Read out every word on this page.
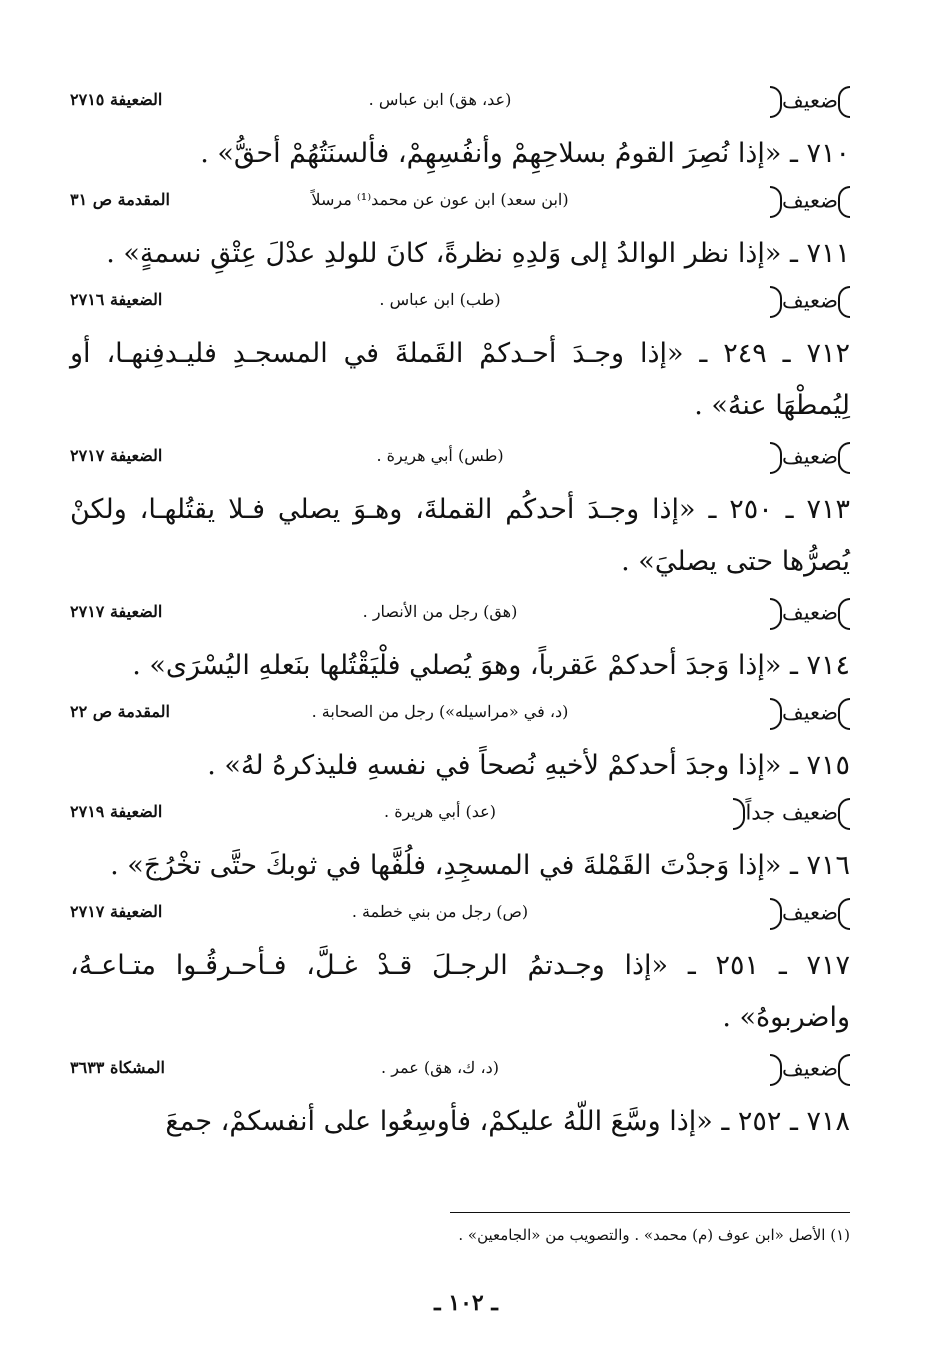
ضعيف
(عد، هق) ابن عباس .
الضعيفة ٢٧١٥
٧١٠ ـ «إذا نُصِرَ القومُ بسلاحِهِمْ وأنفُسِهِمْ، فألسنَتُهُمْ أحقُّ» .
ضعيف
(ابن سعد) ابن عون عن محمد⁽¹⁾ مرسلاً
المقدمة ص ٣١
٧١١ ـ «إذا نظر الوالدُ إلى وَلدِهِ نظرةً، كانَ للولدِ عدْلَ عِتْقِ نسمةٍ» .
ضعيف
(طب) ابن عباس .
الضعيفة ٢٧١٦
٧١٢ ـ ٢٤٩ ـ «إذا وجـدَ أحـدكمْ القَملةَ في المسجـدِ فليـدفِنهـا، أو لِيُمطْهَا عنهُ» .
ضعيف
(طس) أبي هريرة .
الضعيفة ٢٧١٧
٧١٣ ـ ٢٥٠ ـ «إذا وجـدَ أحدكُم القملةَ، وهـوَ يصلي فـلا يقتُلهـا، ولكنْ يُصرُّها حتى يصليَ» .
ضعيف
(هق) رجل من الأنصار .
الضعيفة ٢٧١٧
٧١٤ ـ «إذا وَجدَ أحدكمْ عَقرباً، وهوَ يُصلي فلْيَقْتُلها بنَعلهِ اليُسْرَى» .
ضعيف
(د، في «مراسيله») رجل من الصحابة .
المقدمة ص ٢٢
٧١٥ ـ «إذا وجدَ أحدكمْ لأخيهِ نُصحاً في نفسهِ فليذكرهُ لهُ» .
ضعيف جداً
(عد) أبي هريرة .
الضعيفة ٢٧١٩
٧١٦ ـ «إذا وَجدْتَ القَمْلةَ في المسجِدِ، فلُفَّها في ثوبكَ حتَّى تخْرُجَ» .
ضعيف
(ص) رجل من بني خطمة .
الضعيفة ٢٧١٧
٧١٧ ـ ٢٥١ ـ «إذا وجـدتمُ الرجـلَ قـدْ غـلَّ، فـأحـرقُـوا متـاعـهُ، واضربوهُ» .
ضعيف
(د، ك، هق) عمر .
المشكاة ٣٦٣٣
٧١٨ ـ ٢٥٢ ـ «إذا وسَّعَ اللّهُ عليكمْ، فأوسِعُوا على أنفسكمْ، جمعَ
(١) الأصل «ابن عوف (م) محمد» . والتصويب من «الجامعين» .
ـ ١٠٢ ـ
